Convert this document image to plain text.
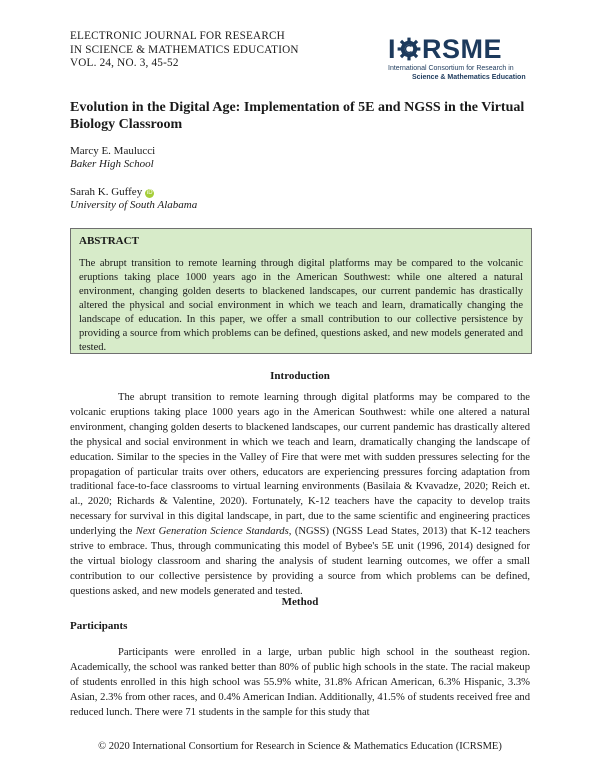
ELECTRONIC JOURNAL FOR RESEARCH
IN SCIENCE & MATHEMATICS EDUCATION
VOL. 24, NO. 3, 45-52	I RSME
International Consortium for Research in
Science & Mathematics Education
Evolution in the Digital Age: Implementation of 5E and NGSS in the Virtual Biology Classroom
Marcy E. Maulucci
Baker High School
Sarah K. Guffey iD
University of South Alabama
ABSTRACT
The abrupt transition to remote learning through digital platforms may be compared to the volcanic eruptions taking place 1000 years ago in the American Southwest: while one altered a natural environment, changing golden deserts to blackened landscapes, our current pandemic has drastically altered the physical and social environment in which we teach and learn, dramatically changing the landscape of education. In this paper, we offer a small contribution to our collective persistence by providing a source from which problems can be defined, questions asked, and new models generated and tested.
Introduction

The abrupt transition to remote learning through digital platforms may be compared to the volcanic eruptions taking place 1000 years ago in the American Southwest: while one altered a natural environment, changing golden deserts to blackened landscapes, our current pandemic has drastically altered the physical and social environment in which we teach and learn, dramatically changing the landscape of education. Similar to the species in the Valley of Fire that were met with sudden pressures selecting for the propagation of particular traits over others, educators are experiencing pressures forcing adaptation from traditional face-to-face classrooms to virtual learning environments (Basilaia & Kvavadze, 2020; Reich et. al., 2020; Richards & Valentine, 2020). Fortunately, K-12 teachers have the capacity to develop traits necessary for survival in this digital landscape, in part, due to the same scientific and engineering practices underlying the Next Generation Science Standards, (NGSS) (NGSS Lead States, 2013) that K-12 teachers strive to embrace. Thus, through communicating this model of Bybee's 5E unit (1996, 2014) designed for the virtual biology classroom and sharing the analysis of student learning outcomes, we offer a small contribution to our collective persistence by providing a source from which problems can be defined, questions asked, and new models generated and tested.

Method
Participants

Participants were enrolled in a large, urban public high school in the southeast region. Academically, the school was ranked better than 80% of public high schools in the state. The racial makeup of students enrolled in this high school was 55.9% white, 31.8% African American, 6.3% Hispanic, 3.3% Asian, 2.3% from other races, and 0.4% American Indian. Additionally, 41.5% of students received free and reduced lunch. There were 71 students in the sample for this study that

© 2020 International Consortium for Research in Science & Mathematics Education (ICRSME)
